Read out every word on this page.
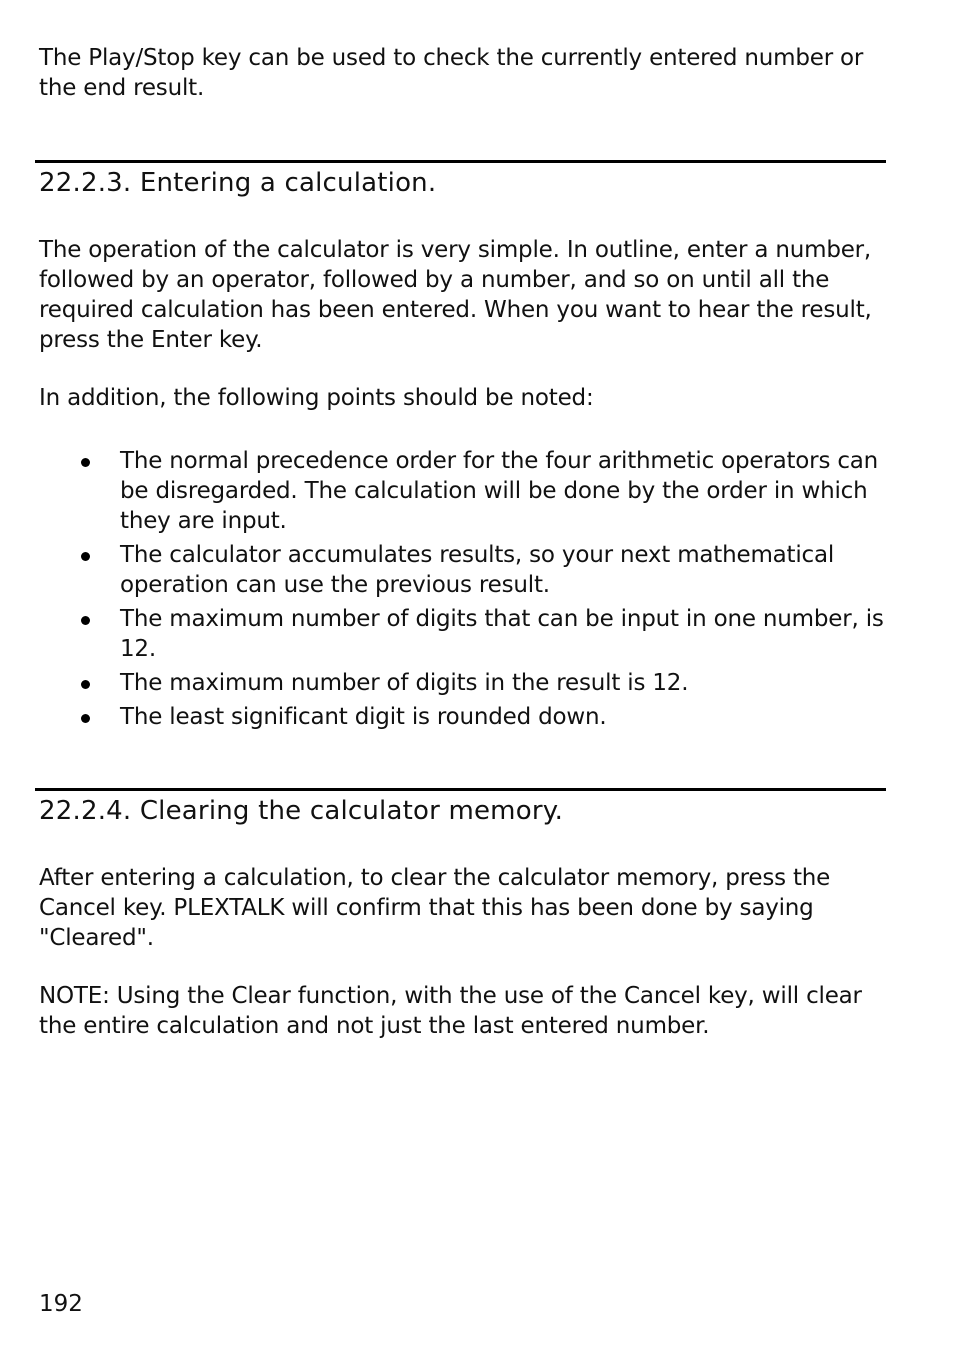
The Play/Stop key can be used to check the currently entered number or the end result.

22.2.3. Entering a calculation.

The operation of the calculator is very simple. In outline, enter a number, followed by an operator, followed by a number, and so on until all the required calculation has been entered. When you want to hear the result, press the Enter key.

In addition, the following points should be noted:

The normal precedence order for the four arithmetic operators can be disregarded. The calculation will be done by the order in which they are input.
The calculator accumulates results, so your next mathematical operation can use the previous result.
The maximum number of digits that can be input in one number, is 12.
The maximum number of digits in the result is 12.
The least significant digit is rounded down.
22.2.4. Clearing the calculator memory.

After entering a calculation, to clear the calculator memory, press the Cancel key. PLEXTALK will confirm that this has been done by saying "Cleared".

NOTE: Using the Clear function, with the use of the Cancel key, will clear the entire calculation and not just the last entered number.

192
